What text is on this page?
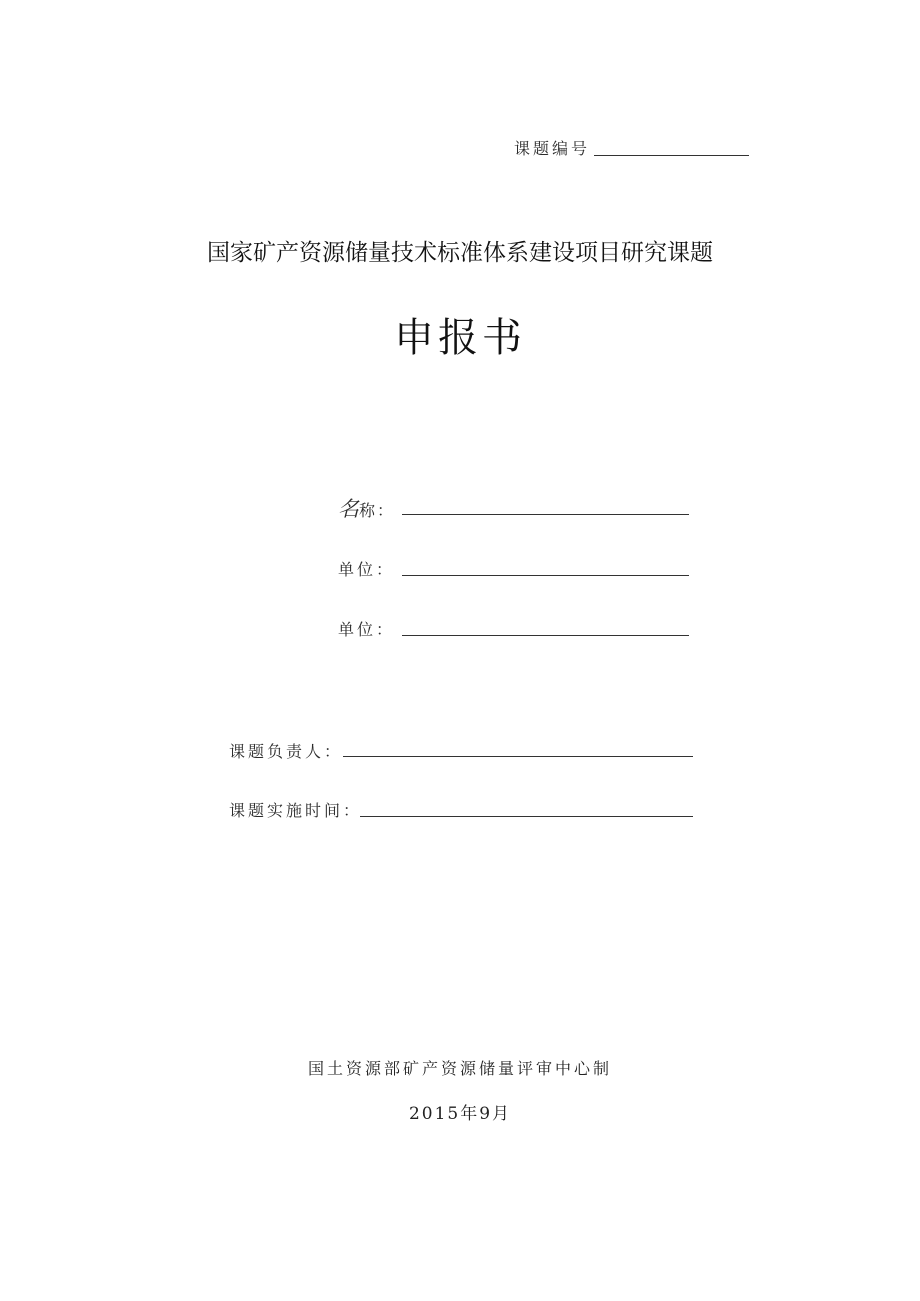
课题编号
国家矿产资源储量技术标准体系建设项目研究课题
申报书
名称：
单位：
单位：
课题负责人：
课题实施时间：
国土资源部矿产资源储量评审中心制
2015年9月
